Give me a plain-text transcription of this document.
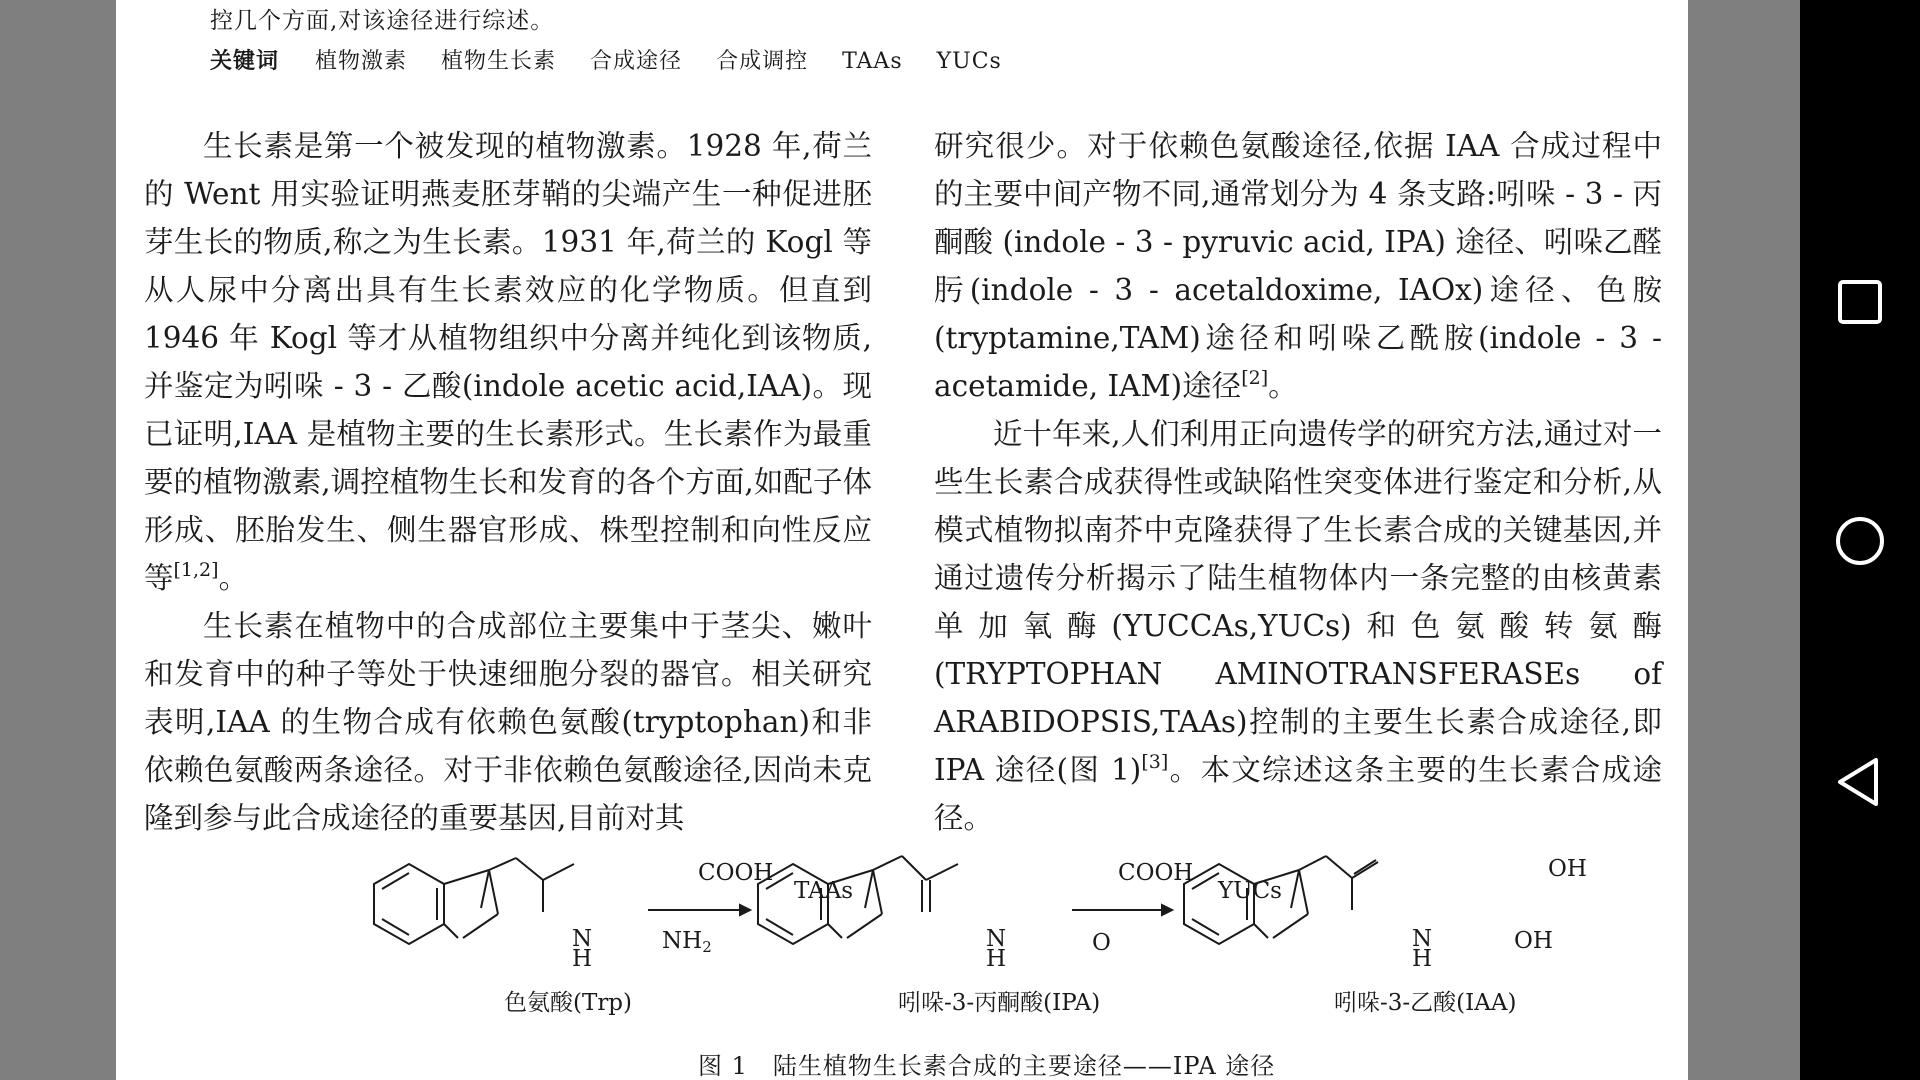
控几个方面,对该途径进行综述。
关键词 植物激素 植物生长素 合成途径 合成调控 TAAs YUCs

生长素是第一个被发现的植物激素。1928 年,荷兰的 Went 用实验证明燕麦胚芽鞘的尖端产生一种促进胚芽生长的物质,称之为生长素。1931 年,荷兰的 Kogl 等从人尿中分离出具有生长素效应的化学物质。但直到 1946 年 Kogl 等才从植物组织中分离并纯化到该物质,并鉴定为吲哚 - 3 - 乙酸(indole acetic acid,IAA)。现已证明,IAA 是植物主要的生长素形式。生长素作为最重要的植物激素,调控植物生长和发育的各个方面,如配子体形成、胚胎发生、侧生器官形成、株型控制和向性反应等[1,2]。

生长素在植物中的合成部位主要集中于茎尖、嫩叶和发育中的种子等处于快速细胞分裂的器官。相关研究表明,IAA 的生物合成有依赖色氨酸(tryptophan)和非依赖色氨酸两条途径。对于非依赖色氨酸途径,因尚未克隆到参与此合成途径的重要基因,目前对其

研究很少。对于依赖色氨酸途径,依据 IAA 合成过程中的主要中间产物不同,通常划分为 4 条支路:吲哚 - 3 - 丙酮酸 (indole - 3 - pyruvic acid, IPA) 途径、吲哚乙醛肟(indole - 3 - acetaldoxime, IAOx)途径、色胺(tryptamine,TAM)途径和吲哚乙酰胺(indole - 3 - acetamide, IAM)途径[2]。

近十年来,人们利用正向遗传学的研究方法,通过对一些生长素合成获得性或缺陷性突变体进行鉴定和分析,从模式植物拟南芥中克隆获得了生长素合成的关键基因,并通过遗传分析揭示了陆生植物体内一条完整的由核黄素单加氧酶(YUCCAs,YUCs)和色氨酸转氨酶(TRYPTOPHAN AMINOTRANSFERASEs of ARABIDOPSIS,TAAs)控制的主要生长素合成途径,即 IPA 途径(图 1)[3]。本文综述这条主要的生长素合成途径。

COOH
NH2
N
H
色氨酸(Trp)
TAAs
COOH
O
N
H
吲哚-3-丙酮酸(IPA)
YUCs
OH
OH
N
H
吲哚-3-乙酸(IAA)
图 1　陆生植物生长素合成的主要途径——IPA 途径
